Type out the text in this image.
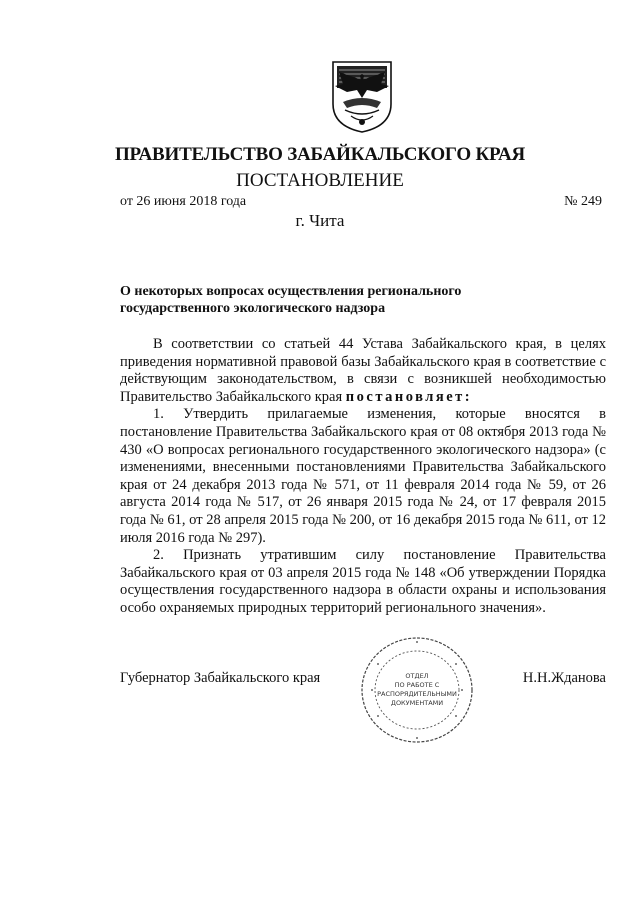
ПРАВИТЕЛЬСТВО ЗАБАЙКАЛЬСКОГО КРАЯ
ПОСТАНОВЛЕНИЕ
от 26 июня 2018 года	№ 249
г. Чита
О некоторых вопросах осуществления регионального государственного экологического надзора

В соответствии со статьей 44 Устава Забайкальского края, в целях приведения нормативной правовой базы Забайкальского края в соответствие с действующим законодательством, в связи с возникшей необходимостью Правительство Забайкальского края постановляет:

1. Утвердить прилагаемые изменения, которые вносятся в постановление Правительства Забайкальского края от 08 октября 2013 года № 430 «О вопросах регионального государственного экологического надзора» (с изменениями, внесенными постановлениями Правительства Забайкальского края от 24 декабря 2013 года № 571, от 11 февраля 2014 года № 59, от 26 августа 2014 года № 517, от 26 января 2015 года № 24, от 17 февраля 2015 года № 61, от 28 апреля 2015 года № 200, от 16 декабря 2015 года № 611, от 12 июля 2016 года № 297).

2. Признать утратившим силу постановление Правительства Забайкальского края от 03 апреля 2015 года № 148 «Об утверждении Порядка осуществления государственного надзора в области охраны и использования особо охраняемых природных территорий регионального значения».

Губернатор Забайкальского края	Н.Н.Жданова
ОТДЕЛ
ПО РАБОТЕ С
РАСПОРЯДИТЕЛЬНЫМИ
ДОКУМЕНТАМИ
